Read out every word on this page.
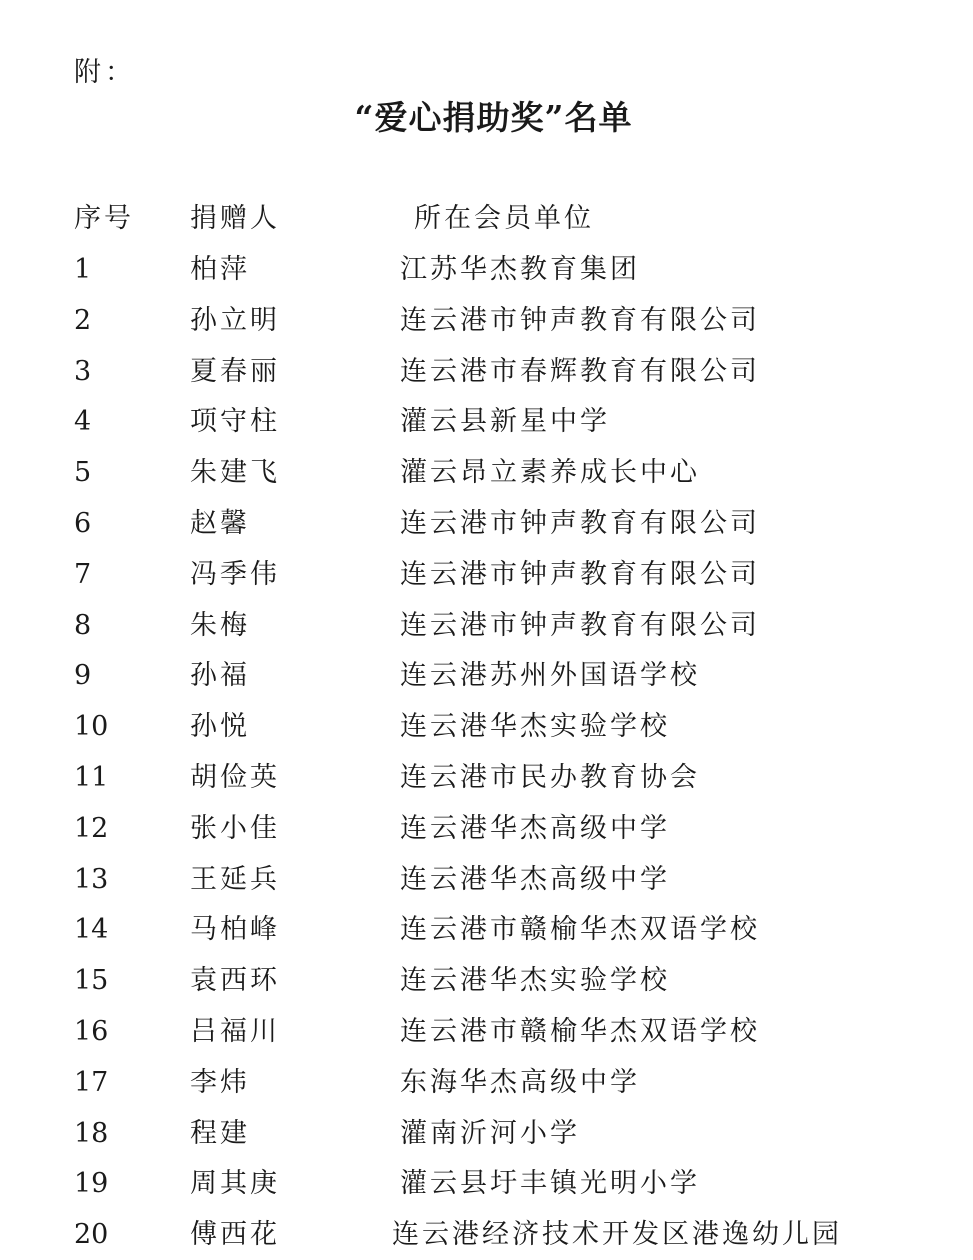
附：
“爱心捐助奖”名单
序号 捐赠人	所在会员单位
1	柏萍	江苏华杰教育集团
2	孙立明	连云港市钟声教育有限公司
3	夏春丽	连云港市春辉教育有限公司
4	项守柱	灌云县新星中学
5	朱建飞	灌云昂立素养成长中心
6	赵馨	连云港市钟声教育有限公司
7	冯季伟	连云港市钟声教育有限公司
8	朱梅	连云港市钟声教育有限公司
9	孙福	连云港苏州外国语学校
10	孙悦	连云港华杰实验学校
11	胡俭英	连云港市民办教育协会
12	张小佳	连云港华杰高级中学
13	王延兵	连云港华杰高级中学
14	马柏峰	连云港市赣榆华杰双语学校
15	袁西环	连云港华杰实验学校
16	吕福川	连云港市赣榆华杰双语学校
17	李炜	东海华杰高级中学
18	程建	灌南沂河小学
19	周其庚	灌云县圩丰镇光明小学
20	傅西花	连云港经济技术开发区港逸幼儿园
